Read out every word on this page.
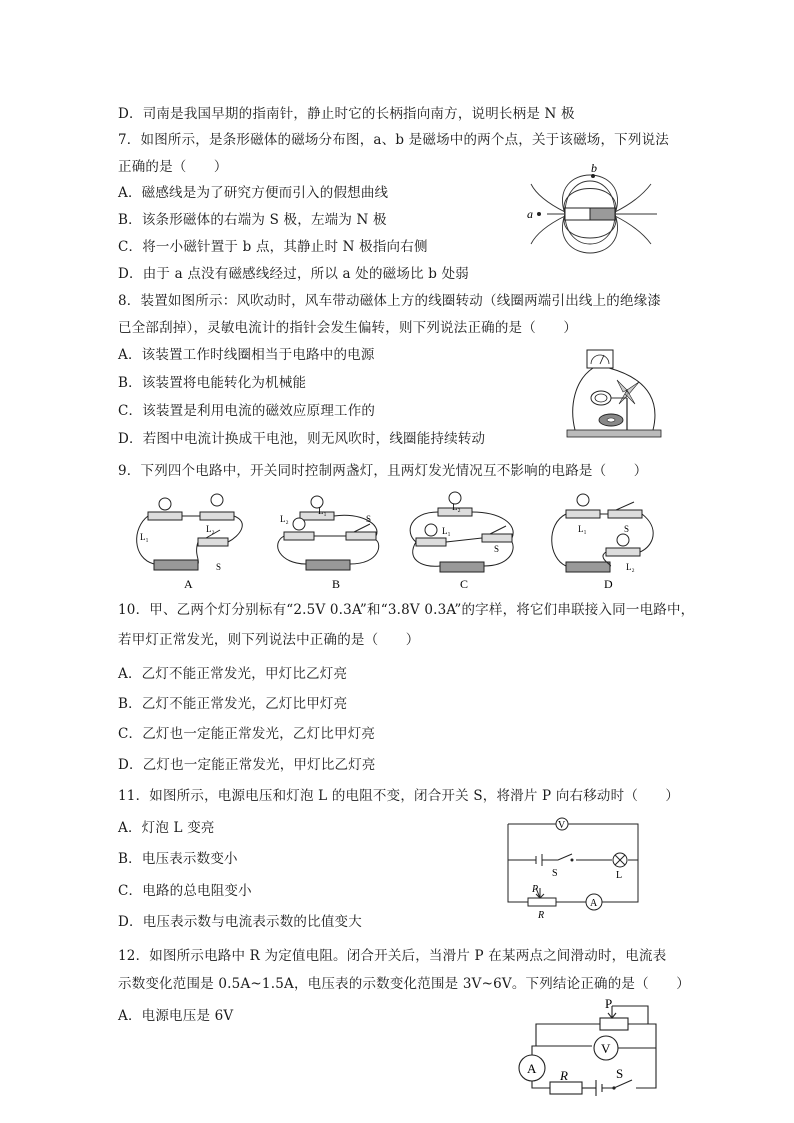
D．司南是我国早期的指南针，静止时它的长柄指向南方，说明长柄是 N 极
7．如图所示，是条形磁体的磁场分布图，a、b 是磁场中的两个点，关于该磁场，下列说法
正确的是（　　）
A．磁感线是为了研究方便而引入的假想曲线
B．该条形磁体的右端为 S 极，左端为 N 极
C．将一小磁针置于 b 点，其静止时 N 极指向右侧
D．由于 a 点没有磁感线经过，所以 a 处的磁场比 b 处弱
a
b
8．装置如图所示：风吹动时，风车带动磁体上方的线圈转动（线圈两端引出线上的绝缘漆
已全部刮掉），灵敏电流计的指针会发生偏转，则下列说法正确的是（　　）
A．该装置工作时线圈相当于电路中的电源
B．该装置将电能转化为机械能
C．该装置是利用电流的磁效应原理工作的
D．若图中电流计换成干电池，则无风吹时，线圈能持续转动
9．下列四个电路中，开关同时控制两盏灯，且两灯发光情况互不影响的电路是（　　）
L₁
L₂
S
A
L₁
L₂	S
B
L₂
L₁
S
C
L₁	S
L₂
D
10．甲、乙两个灯分别标有“2.5V 0.3A”和“3.8V 0.3A”的字样，将它们串联接入同一电路中，
若甲灯正常发光，则下列说法中正确的是（　　）
A．乙灯不能正常发光，甲灯比乙灯亮
B．乙灯不能正常发光，乙灯比甲灯亮
C．乙灯也一定能正常发光，乙灯比甲灯亮
D．乙灯也一定能正常发光，甲灯比乙灯亮
11．如图所示，电源电压和灯泡 L 的电阻不变，闭合开关 S，将滑片 P 向右移动时（　　）
A．灯泡 L 变亮
B．电压表示数变小
C．电路的总电阻变小
D．电压表示数与电流表示数的比值变大
V
A
S	L
P
R
12．如图所示电路中 R 为定值电阻。闭合开关后，当滑片 P 在某两点之间滑动时，电流表
示数变化范围是 0.5A~1.5A，电压表的示数变化范围是 3V~6V。下列结论正确的是（　　）
A．电源电压是 6V
P
V
A R	S
